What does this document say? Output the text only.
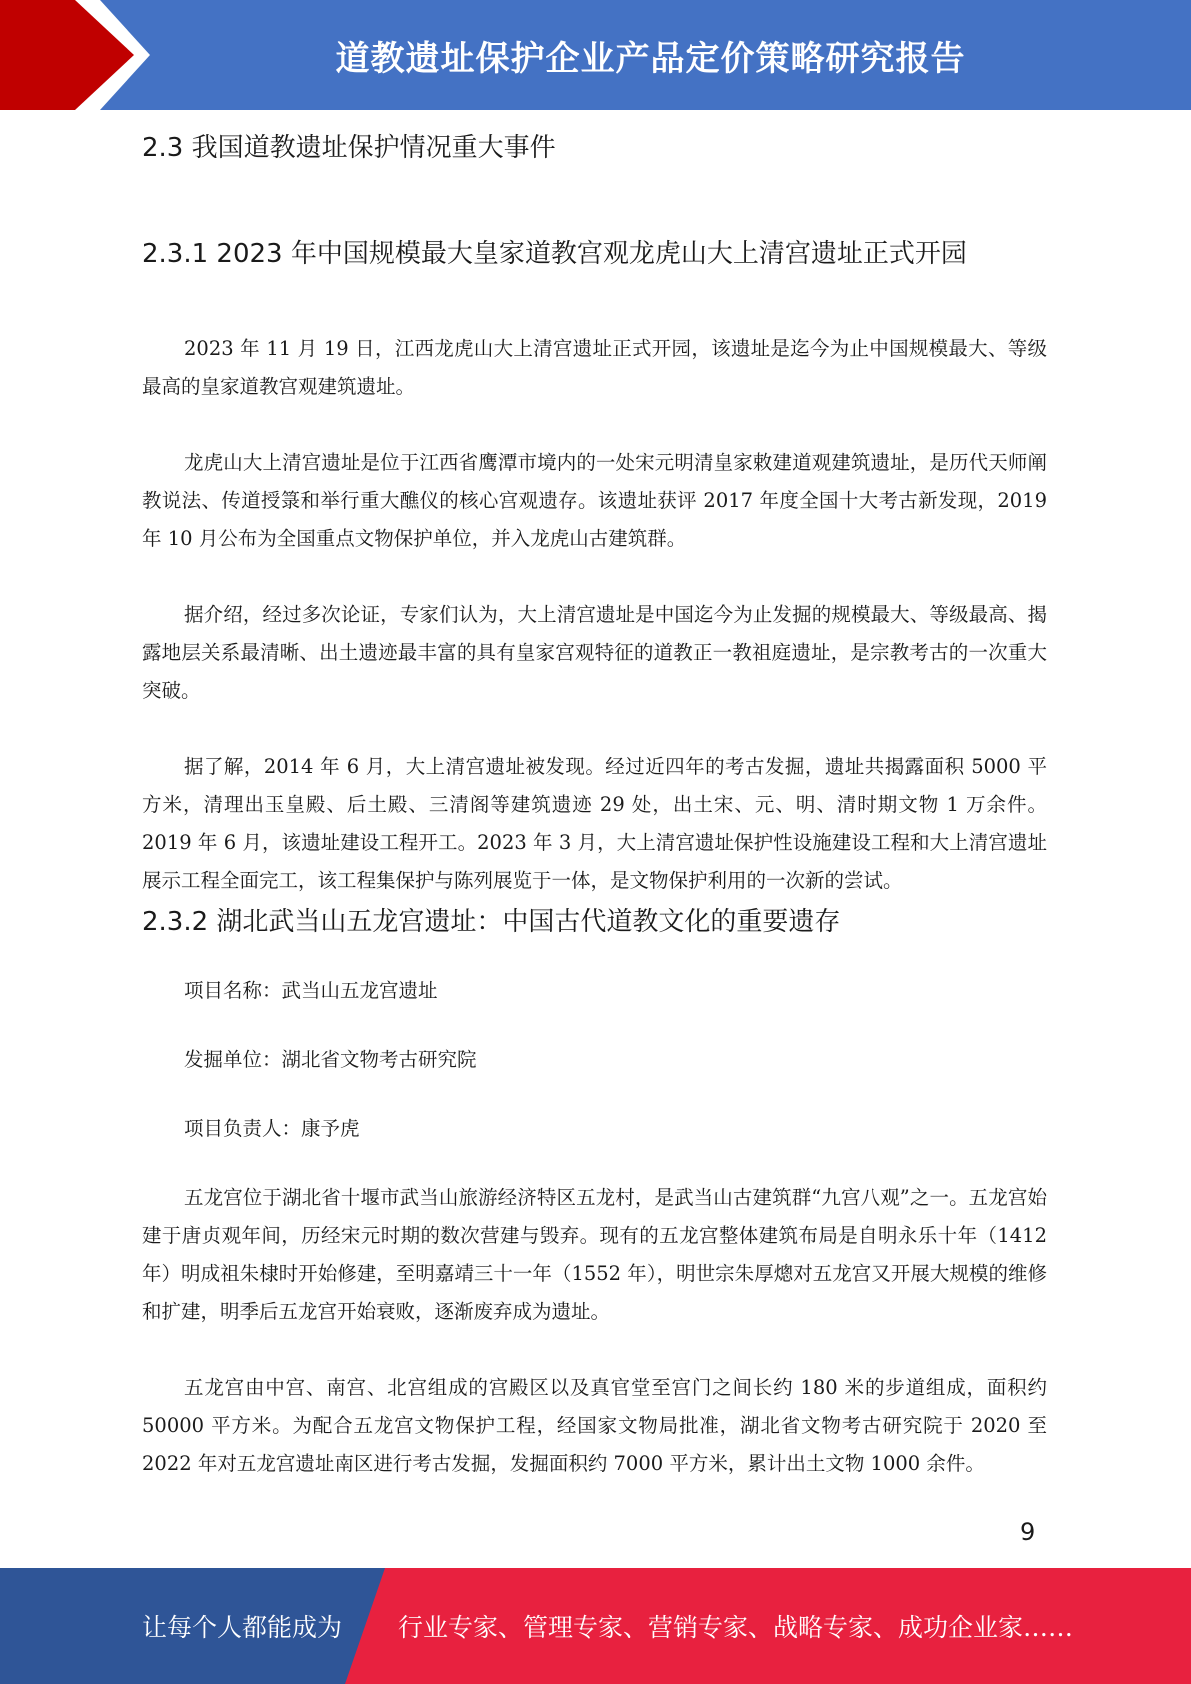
道教遗址保护企业产品定价策略研究报告
2.3 我国道教遗址保护情况重大事件
2.3.1 2023 年中国规模最大皇家道教宫观龙虎山大上清宫遗址正式开园

2023 年 11 月 19 日，江西龙虎山大上清宫遗址正式开园，该遗址是迄今为止中国规模最大、等级最高的皇家道教宫观建筑遗址。

龙虎山大上清宫遗址是位于江西省鹰潭市境内的一处宋元明清皇家敕建道观建筑遗址，是历代天师阐教说法、传道授箓和举行重大醮仪的核心宫观遗存。该遗址获评 2017 年度全国十大考古新发现，2019 年 10 月公布为全国重点文物保护单位，并入龙虎山古建筑群。

据介绍，经过多次论证，专家们认为，大上清宫遗址是中国迄今为止发掘的规模最大、等级最高、揭露地层关系最清晰、出土遗迹最丰富的具有皇家宫观特征的道教正一教祖庭遗址，是宗教考古的一次重大突破。

据了解，2014 年 6 月，大上清宫遗址被发现。经过近四年的考古发掘，遗址共揭露面积 5000 平方米，清理出玉皇殿、后土殿、三清阁等建筑遗迹 29 处，出土宋、元、明、清时期文物 1 万余件。2019 年 6 月，该遗址建设工程开工。2023 年 3 月，大上清宫遗址保护性设施建设工程和大上清宫遗址展示工程全面完工，该工程集保护与陈列展览于一体，是文物保护利用的一次新的尝试。

2.3.2 湖北武当山五龙宫遗址：中国古代道教文化的重要遗存

项目名称：武当山五龙宫遗址

发掘单位：湖北省文物考古研究院

项目负责人：康予虎

五龙宫位于湖北省十堰市武当山旅游经济特区五龙村，是武当山古建筑群“九宫八观”之一。五龙宫始建于唐贞观年间，历经宋元时期的数次营建与毁弃。现有的五龙宫整体建筑布局是自明永乐十年（1412 年）明成祖朱棣时开始修建，至明嘉靖三十一年（1552 年），明世宗朱厚熜对五龙宫又开展大规模的维修和扩建，明季后五龙宫开始衰败，逐渐废弃成为遗址。

五龙宫由中宫、南宫、北宫组成的宫殿区以及真官堂至宫门之间长约 180 米的步道组成，面积约 50000 平方米。为配合五龙宫文物保护工程，经国家文物局批准，湖北省文物考古研究院于 2020 至 2022 年对五龙宫遗址南区进行考古发掘，发掘面积约 7000 平方米，累计出土文物 1000 余件。

9
让每个人都能成为 行业专家、管理专家、营销专家、战略专家、成功企业家……
